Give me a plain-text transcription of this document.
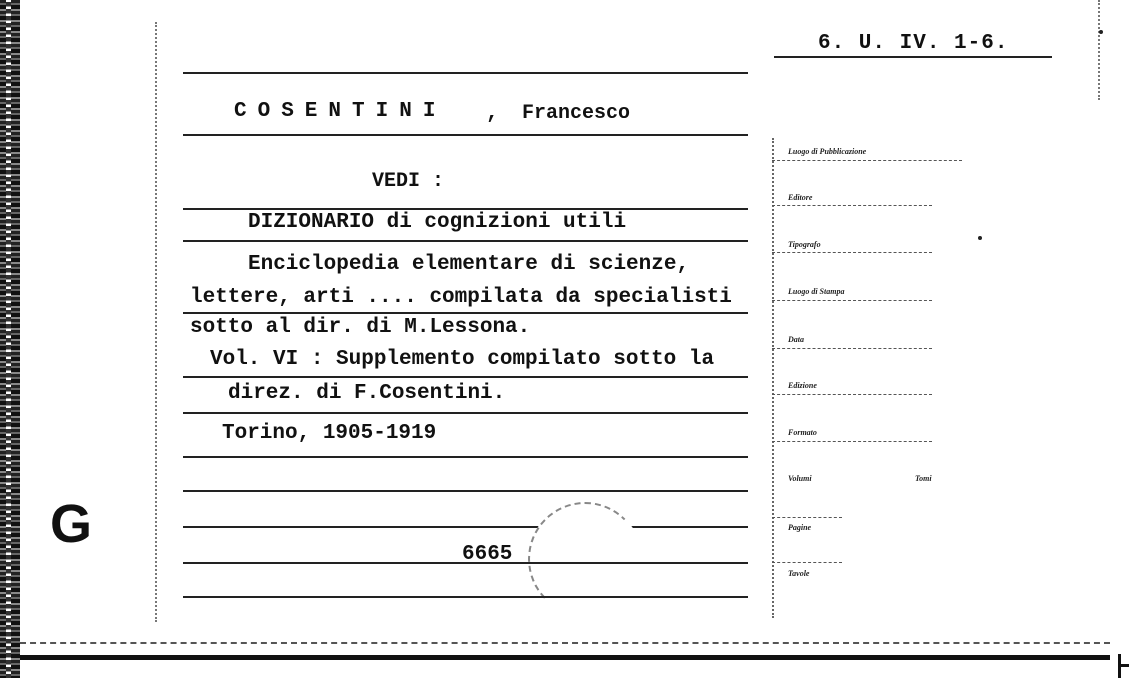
6. U. IV. 1-6.
COSENTINI , Francesco
VEDI :
DIZIONARIO di cognizioni utili
Enciclopedia elementare di scienze,
lettere, arti .... compilata da specialisti
sotto al dir. di M.Lessona.
Vol. VI : Supplemento compilato sotto la
direz. di F.Cosentini.
Torino, 1905-1919
6665
G
Luogo di Pubblicazione
Editore
Tipografo
Luogo di Stampa
Data
Edizione
Formato
Volumi	Tomi
Pagine
Tavole
